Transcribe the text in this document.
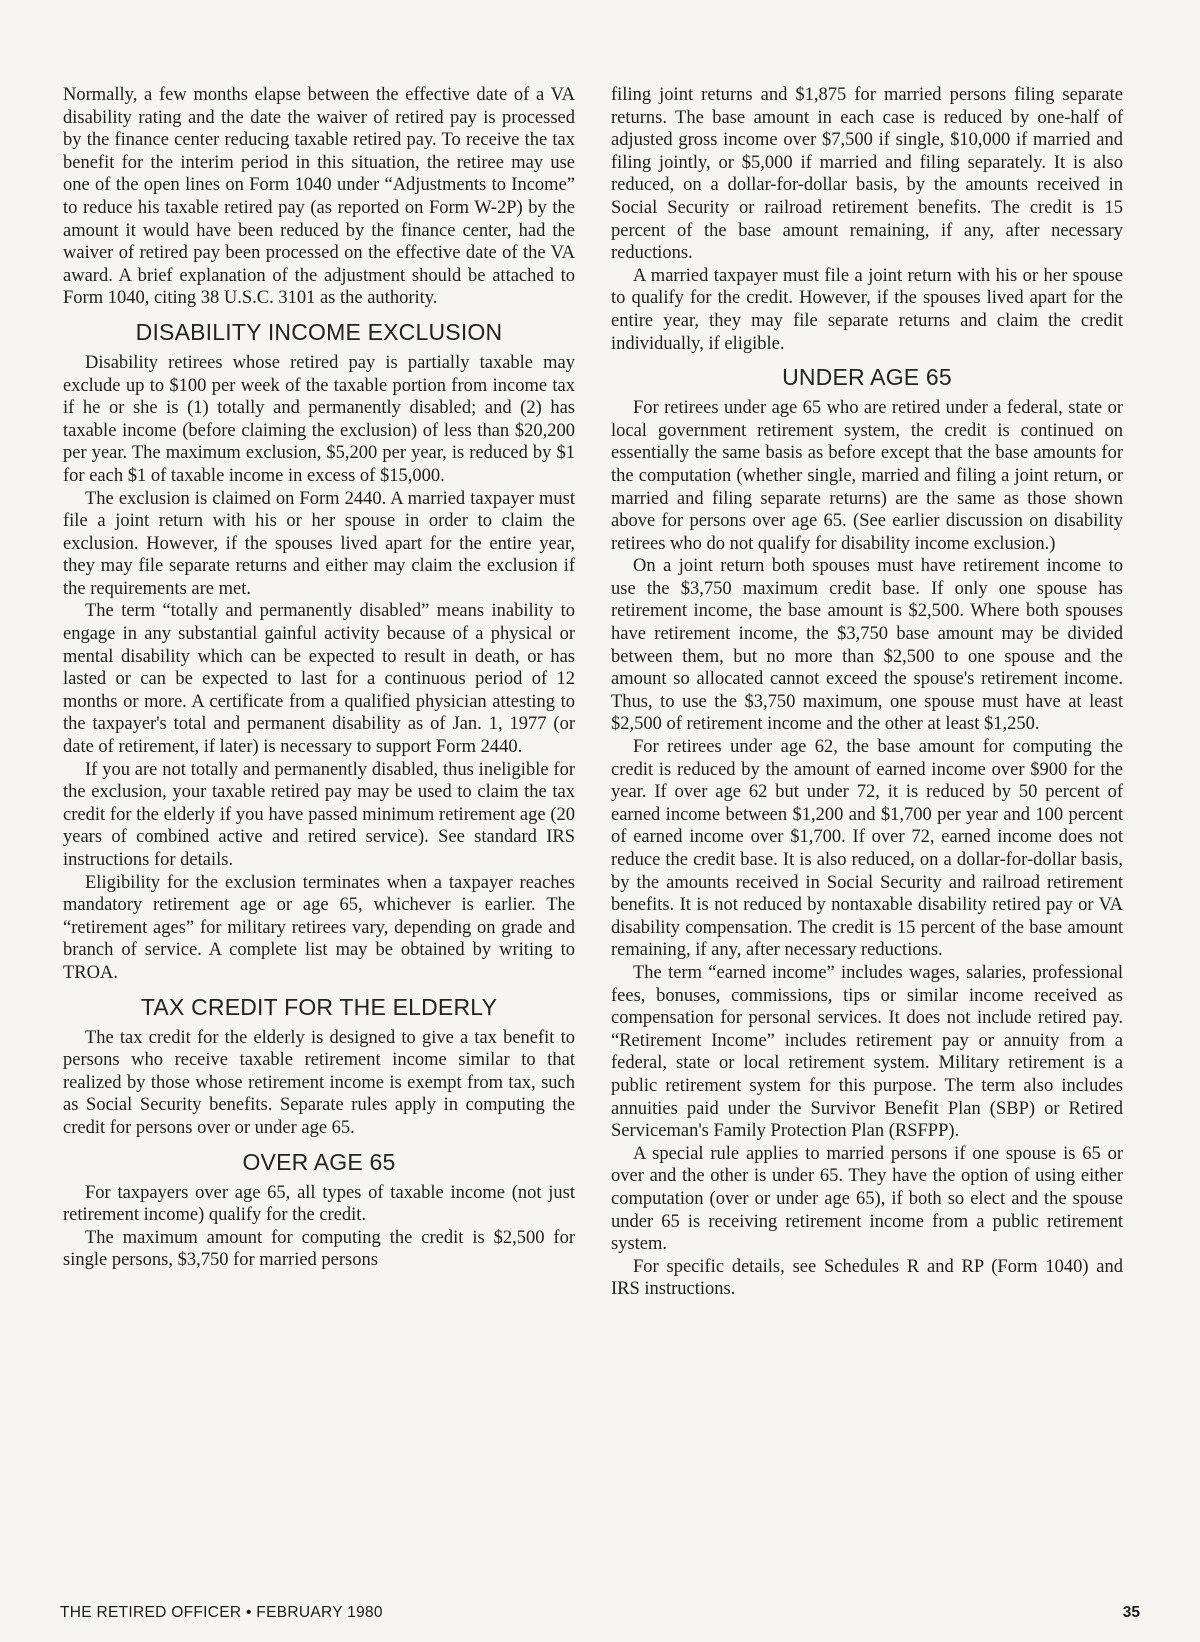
Normally, a few months elapse between the effective date of a VA disability rating and the date the waiver of retired pay is processed by the finance center reducing taxable retired pay. To receive the tax benefit for the interim period in this situation, the retiree may use one of the open lines on Form 1040 under “Adjustments to Income” to reduce his taxable retired pay (as reported on Form W-2P) by the amount it would have been reduced by the finance center, had the waiver of retired pay been processed on the effective date of the VA award. A brief explanation of the adjustment should be attached to Form 1040, citing 38 U.S.C. 3101 as the authority.

DISABILITY INCOME EXCLUSION

Disability retirees whose retired pay is partially taxable may exclude up to $100 per week of the taxable portion from income tax if he or she is (1) totally and permanently disabled; and (2) has taxable income (before claiming the exclusion) of less than $20,200 per year. The maximum exclusion, $5,200 per year, is reduced by $1 for each $1 of taxable income in excess of $15,000.

The exclusion is claimed on Form 2440. A married taxpayer must file a joint return with his or her spouse in order to claim the exclusion. However, if the spouses lived apart for the entire year, they may file separate returns and either may claim the exclusion if the requirements are met.

The term “totally and permanently disabled” means inability to engage in any substantial gainful activity because of a physical or mental disability which can be expected to result in death, or has lasted or can be expected to last for a continuous period of 12 months or more. A certificate from a qualified physician attesting to the taxpayer's total and permanent disability as of Jan. 1, 1977 (or date of retirement, if later) is necessary to support Form 2440.

If you are not totally and permanently disabled, thus ineligible for the exclusion, your taxable retired pay may be used to claim the tax credit for the elderly if you have passed minimum retirement age (20 years of combined active and retired service). See standard IRS instructions for details.

Eligibility for the exclusion terminates when a taxpayer reaches mandatory retirement age or age 65, whichever is earlier. The “retirement ages” for military retirees vary, depending on grade and branch of service. A complete list may be obtained by writing to TROA.

TAX CREDIT FOR THE ELDERLY

The tax credit for the elderly is designed to give a tax benefit to persons who receive taxable retirement income similar to that realized by those whose retirement income is exempt from tax, such as Social Security benefits. Separate rules apply in computing the credit for persons over or under age 65.

OVER AGE 65

For taxpayers over age 65, all types of taxable income (not just retirement income) qualify for the credit.

The maximum amount for computing the credit is $2,500 for single persons, $3,750 for married persons

filing joint returns and $1,875 for married persons filing separate returns. The base amount in each case is reduced by one-half of adjusted gross income over $7,500 if single, $10,000 if married and filing jointly, or $5,000 if married and filing separately. It is also reduced, on a dollar-for-dollar basis, by the amounts received in Social Security or railroad retirement benefits. The credit is 15 percent of the base amount remaining, if any, after necessary reductions.

A married taxpayer must file a joint return with his or her spouse to qualify for the credit. However, if the spouses lived apart for the entire year, they may file separate returns and claim the credit individually, if eligible.

UNDER AGE 65

For retirees under age 65 who are retired under a federal, state or local government retirement system, the credit is continued on essentially the same basis as before except that the base amounts for the computation (whether single, married and filing a joint return, or married and filing separate returns) are the same as those shown above for persons over age 65. (See earlier discussion on disability retirees who do not qualify for disability income exclusion.)

On a joint return both spouses must have retirement income to use the $3,750 maximum credit base. If only one spouse has retirement income, the base amount is $2,500. Where both spouses have retirement income, the $3,750 base amount may be divided between them, but no more than $2,500 to one spouse and the amount so allocated cannot exceed the spouse's retirement income. Thus, to use the $3,750 maximum, one spouse must have at least $2,500 of retirement income and the other at least $1,250.

For retirees under age 62, the base amount for computing the credit is reduced by the amount of earned income over $900 for the year. If over age 62 but under 72, it is reduced by 50 percent of earned income between $1,200 and $1,700 per year and 100 percent of earned income over $1,700. If over 72, earned income does not reduce the credit base. It is also reduced, on a dollar-for-dollar basis, by the amounts received in Social Security and railroad retirement benefits. It is not reduced by nontaxable disability retired pay or VA disability compensation. The credit is 15 percent of the base amount remaining, if any, after necessary reductions.

The term “earned income” includes wages, salaries, professional fees, bonuses, commissions, tips or similar income received as compensation for personal services. It does not include retired pay. “Retirement Income” includes retirement pay or annuity from a federal, state or local retirement system. Military retirement is a public retirement system for this purpose. The term also includes annuities paid under the Survivor Benefit Plan (SBP) or Retired Serviceman's Family Protection Plan (RSFPP).

A special rule applies to married persons if one spouse is 65 or over and the other is under 65. They have the option of using either computation (over or under age 65), if both so elect and the spouse under 65 is receiving retirement income from a public retirement system.

For specific details, see Schedules R and RP (Form 1040) and IRS instructions.

THE RETIRED OFFICER • FEBRUARY 1980	35
